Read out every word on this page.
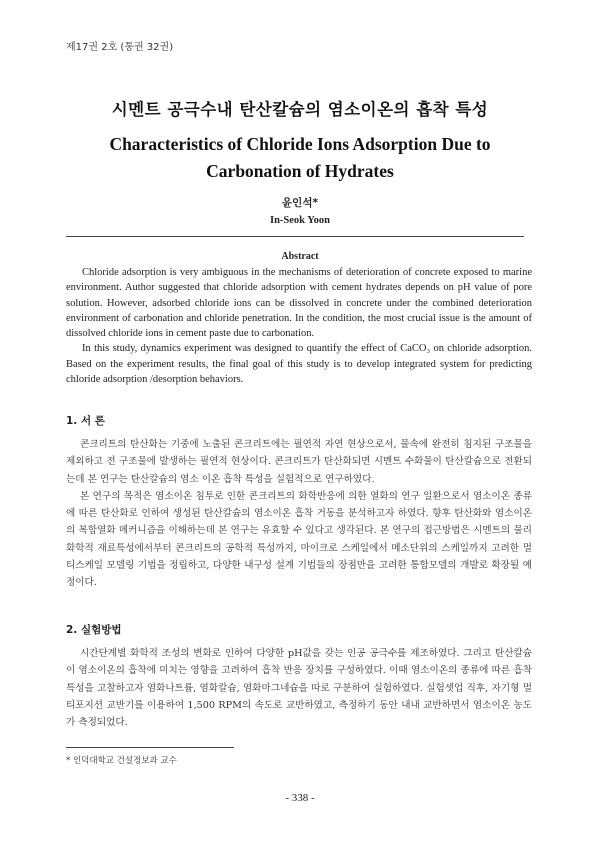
제17권 2호 (통권 32권)
시멘트 공극수내 탄산칼슘의 염소이온의 흡착 특성
Characteristics of Chloride Ions Adsorption Due to
Carbonation of Hydrates
윤인석*
In-Seok Yoon
Abstract

Chloride adsorption is very ambiguous in the mechanisms of deterioration of concrete exposed to marine environment. Author suggested that chloride adsorption with cement hydrates depends on pH value of pore solution. However, adsorbed chloride ions can be dissolved in concrete under the combined deterioration environment of carbonation and chloride penetration. In the condition, the most crucial issue is the amount of dissolved chloride ions in cement paste due to carbonation.

In this study, dynamics experiment was designed to quantify the effect of CaCO₃ on chloride adsorption. Based on the experiment results, the final goal of this study is to develop integrated system for predicting chloride adsorption /desorption behaviors.

1. 서 론

콘크리트의 탄산화는 기중에 노출된 콘크리트에는 필연적 자연 현상으로서, 물속에 완전히 침지된 구조물을 제외하고 전 구조물에 발생하는 필연적 현상이다. 콘크리트가 탄산화되면 시멘트 수화물이 탄산칼슘으로 전환되는데 본 연구는 탄산칼슘의 염소 이온 흡착 특성을 실험적으로 연구하였다.

본 연구의 목적은 염소이온 침투로 인한 콘크리트의 화학반응에 의한 열화의 연구 일환으로서 염소이온 종류에 따른 탄산화로 인하여 생성된 탄산칼슘의 염소이온 흡착 거동을 분석하고자 하였다. 향후 탄산화와 염소이온의 복합열화 메커니즘을 이해하는데 본 연구는 유효할 수 있다고 생각된다. 본 연구의 접근방법은 시멘트의 물리화학적 재료특성에서부터 콘크리트의 공학적 특성까지, 마이크로 스케일에서 메소단위의 스케일까지 고려한 멀티스케일 모델링 기법을 정립하고, 다양한 내구성 설계 기법들의 장점만을 고려한 통합모델의 개발로 확장될 예정이다.

2. 실험방법

시간단계별 화학적 조성의 변화로 인하여 다양한 pH값을 갖는 인공 공극수를 제조하였다. 그리고 탄산칼슘이 염소이온의 흡착에 미치는 영향을 고려하여 흡착 반응 장치를 구성하였다. 이때 염소이온의 종류에 따른 흡착 특성을 고찰하고자 염화나트륨, 염화칼슘, 염화마그네슘을 따로 구분하여 실험하였다. 실험셋업 직후, 자기형 멀티포지션 교반기를 이용하여 1,500 RPM의 속도로 교반하였고, 측정하기 동안 내내 교반하면서 염소이온 농도가 측정되었다.

* 인덕대학교 건설정보과 교수
- 338 -
